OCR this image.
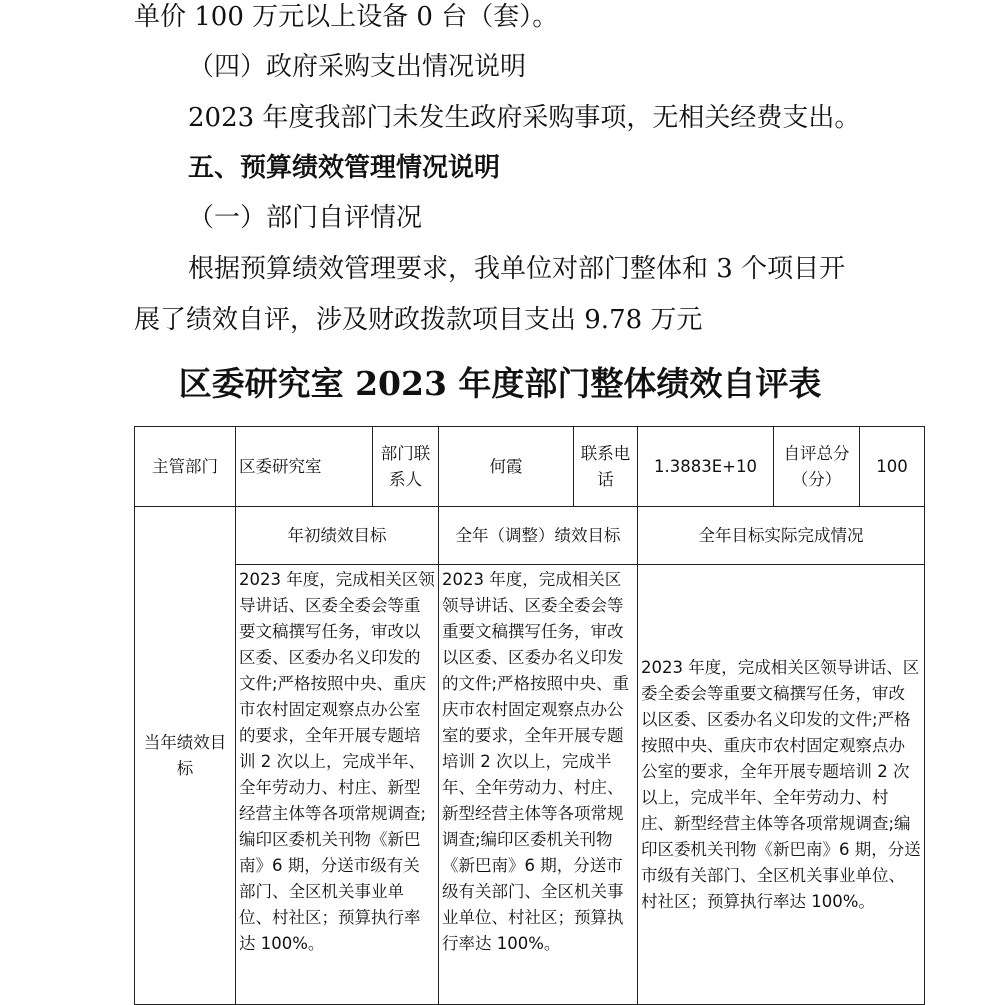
单价 100 万元以上设备 0 台（套）。
（四）政府采购支出情况说明
2023 年度我部门未发生政府采购事项，无相关经费支出。
五、预算绩效管理情况说明
（一）部门自评情况
根据预算绩效管理要求，我单位对部门整体和 3 个项目开
展了绩效自评，涉及财政拨款项目支出 9.78 万元
区委研究室 2023 年度部门整体绩效自评表
主管部门	区委研究室	部门联系人	何霞	联系电话	1.3883E+10	自评总分（分）	100
当年绩效目标	年初绩效目标		全年（调整）绩效目标		全年目标实际完成情况		
	2023 年度，完成相关区领导讲话、区委全委会等重要文稿撰写任务，审改以区委、区委办名义印发的文件;严格按照中央、重庆市农村固定观察点办公室的要求，全年开展专题培训 2 次以上，完成半年、全年劳动力、村庄、新型经营主体等各项常规调查;编印区委机关刊物《新巴南》6 期，分送市级有关部门、全区机关事业单位、村社区；预算执行率达 100%。		2023 年度，完成相关区领导讲话、区委全委会等重要文稿撰写任务，审改以区委、区委办名义印发的文件;严格按照中央、重庆市农村固定观察点办公室的要求，全年开展专题培训 2 次以上，完成半年、全年劳动力、村庄、新型经营主体等各项常规调查;编印区委机关刊物《新巴南》6 期，分送市级有关部门、全区机关事业单位、村社区；预算执行率达 100%。		2023 年度，完成相关区领导讲话、区委全委会等重要文稿撰写任务，审改以区委、区委办名义印发的文件;严格按照中央、重庆市农村固定观察点办公室的要求，全年开展专题培训 2 次以上，完成半年、全年劳动力、村庄、新型经营主体等各项常规调查;编印区委机关刊物《新巴南》6 期，分送市级有关部门、全区机关事业单位、村社区；预算执行率达 100%。		
